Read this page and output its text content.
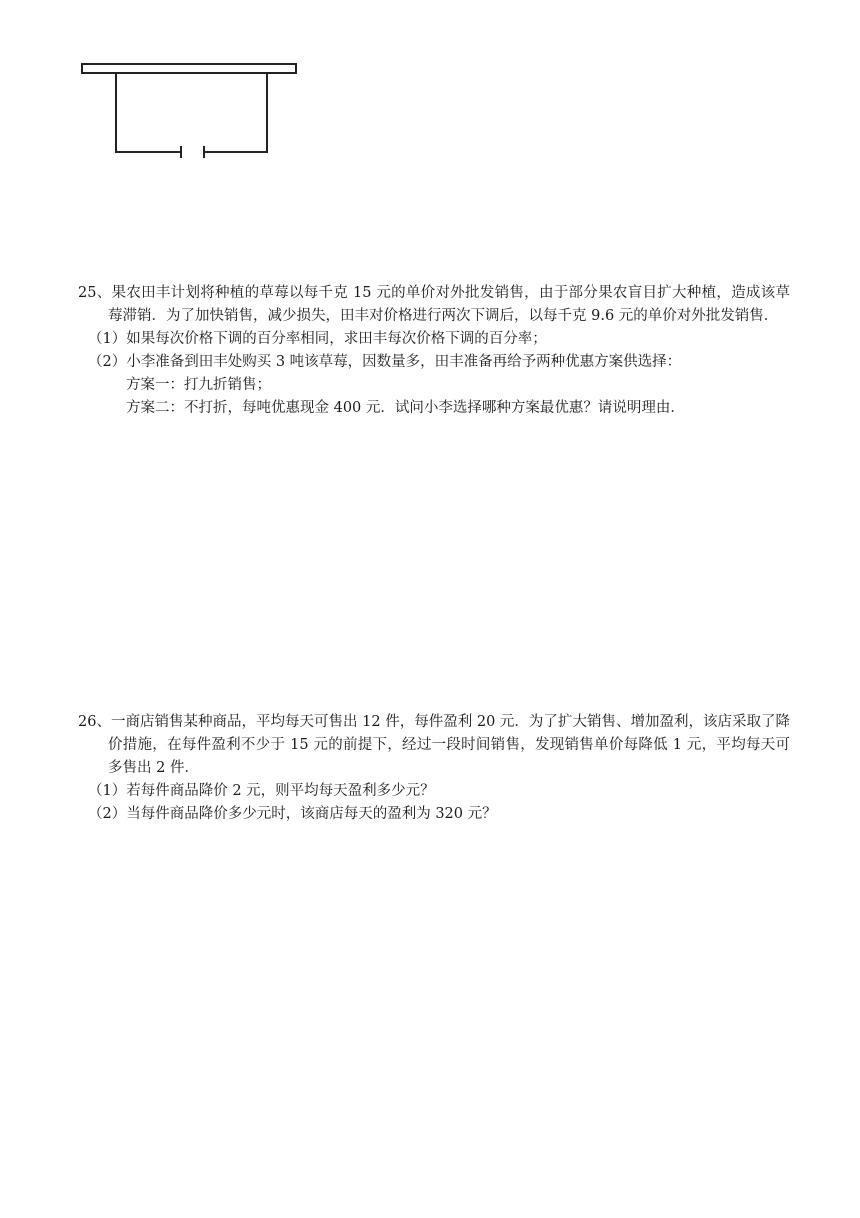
25、果农田丰计划将种植的草莓以每千克 15 元的单价对外批发销售，由于部分果农盲目扩大种植，造成该草莓滞销．为了加快销售，减少损失，田丰对价格进行两次下调后，以每千克 9.6 元的单价对外批发销售．

（1）如果每次价格下调的百分率相同，求田丰每次价格下调的百分率；

（2）小李准备到田丰处购买 3 吨该草莓，因数量多，田丰准备再给予两种优惠方案供选择：

方案一：打九折销售；

方案二：不打折，每吨优惠现金 400 元．试问小李选择哪种方案最优惠？请说明理由．

26、一商店销售某种商品，平均每天可售出 12 件，每件盈利 20 元．为了扩大销售、增加盈利，该店采取了降价措施，在每件盈利不少于 15 元的前提下，经过一段时间销售，发现销售单价每降低 1 元，平均每天可多售出 2 件．

（1）若每件商品降价 2 元，则平均每天盈利多少元？

（2）当每件商品降价多少元时，该商店每天的盈利为 320 元？
